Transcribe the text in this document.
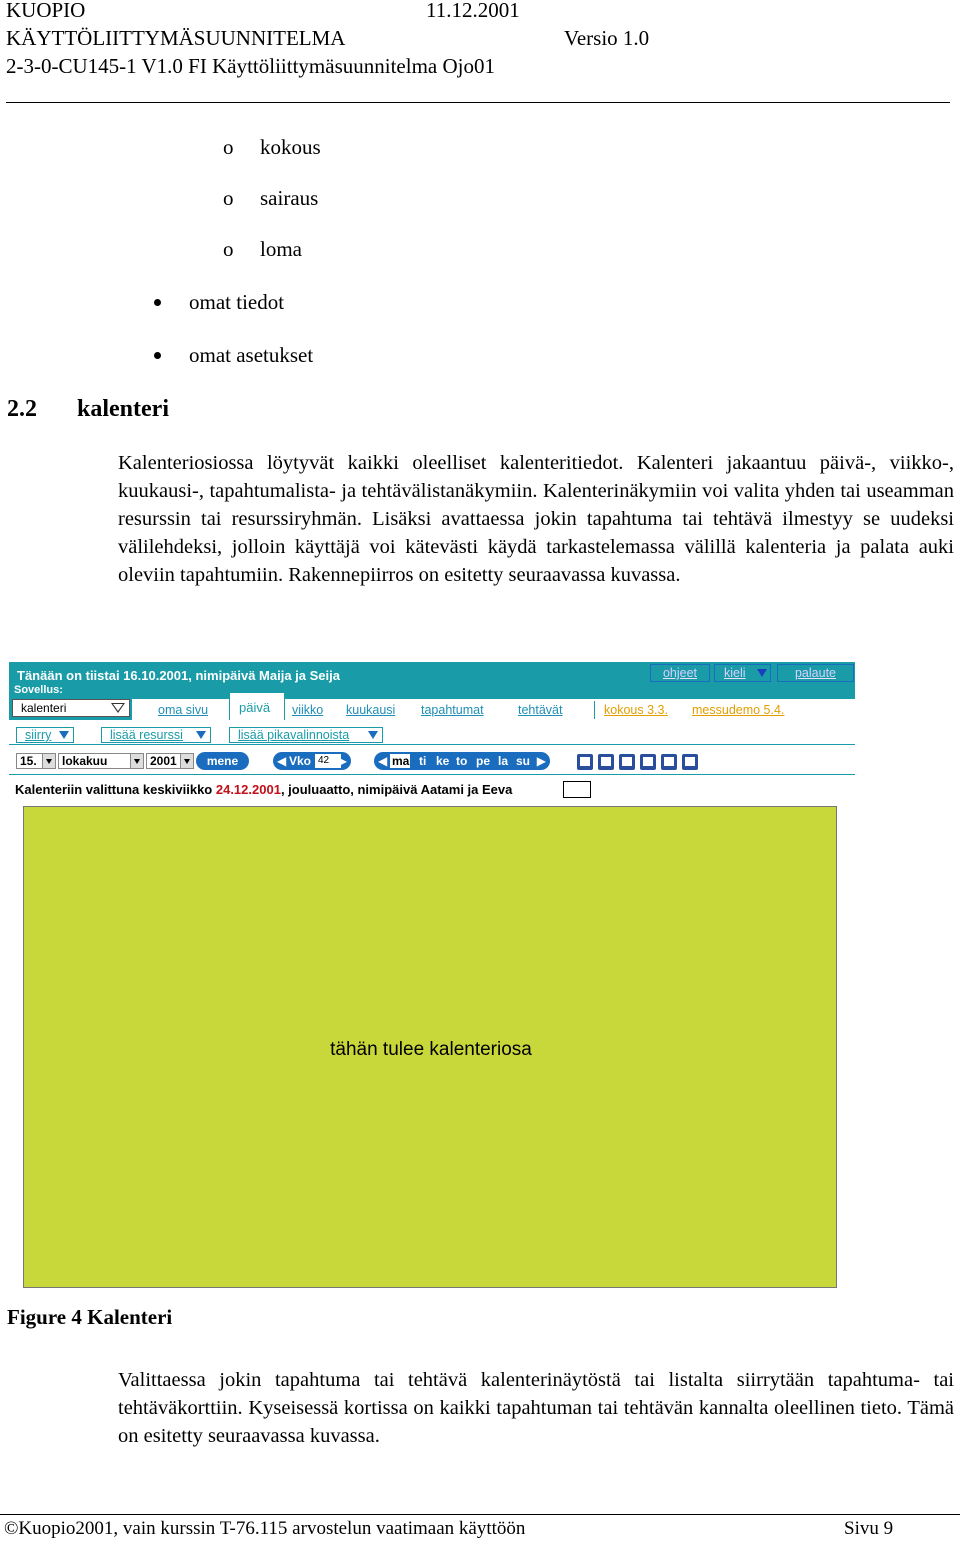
KUOPIO	11.12.2001
KÄYTTÖLIITTYMÄSUUNNITELMA	Versio 1.0
2-3-0-CU145-1 V1.0 FI Käyttöliittymäsuunnitelma Ojo01
o kokous
o sairaus
o loma
omat tiedot
omat asetukset
2.2 kalenteri

Kalenteriosiossa löytyvät kaikki oleelliset kalenteritiedot. Kalenteri jakaantuu päivä-, viikko-, kuukausi-, tapahtumalista- ja tehtävälistanäkymiin. Kalenterinäkymiin voi valita yhden tai useamman resurssin tai resurssiryhmän. Lisäksi avattaessa jokin tapahtuma tai tehtävä ilmestyy se uudeksi välilehdeksi, jolloin käyttäjä voi kätevästi käydä tarkastelemassa välillä kalenteria ja palata auki oleviin tapahtumiin. Rakennepiirros on esitetty seuraavassa kuvassa.

Tänään on tiistai 16.10.2001, nimipäivä Maija ja Seija
Sovellus:
kalenteri
ohjeet	kieli	palaute
oma sivu	päivä	viikko kuukausi tapahtumat	tehtävät	kokous 3.3. messudemo 5.4.
siirry	lisää resurssi	lisää pikavalinnoista
15.	lokakuu	2001	mene	◀ Vko 42 ▶	◀ ma ti ke to pe la su ▶
Kalenteriin valittuna keskiviikko 24.12.2001, jouluaatto, nimipäivä Aatami ja Eeva
tähän tulee kalenteriosa
Figure 4 Kalenteri

Valittaessa jokin tapahtuma tai tehtävä kalenterinäytöstä tai listalta siirrytään tapahtuma- tai tehtäväkorttiin. Kyseisessä kortissa on kaikki tapahtuman tai tehtävän kannalta oleellinen tieto. Tämä on esitetty seuraavassa kuvassa.

©Kuopio2001, vain kurssin T-76.115 arvostelun vaatimaan käyttöön	Sivu 9
